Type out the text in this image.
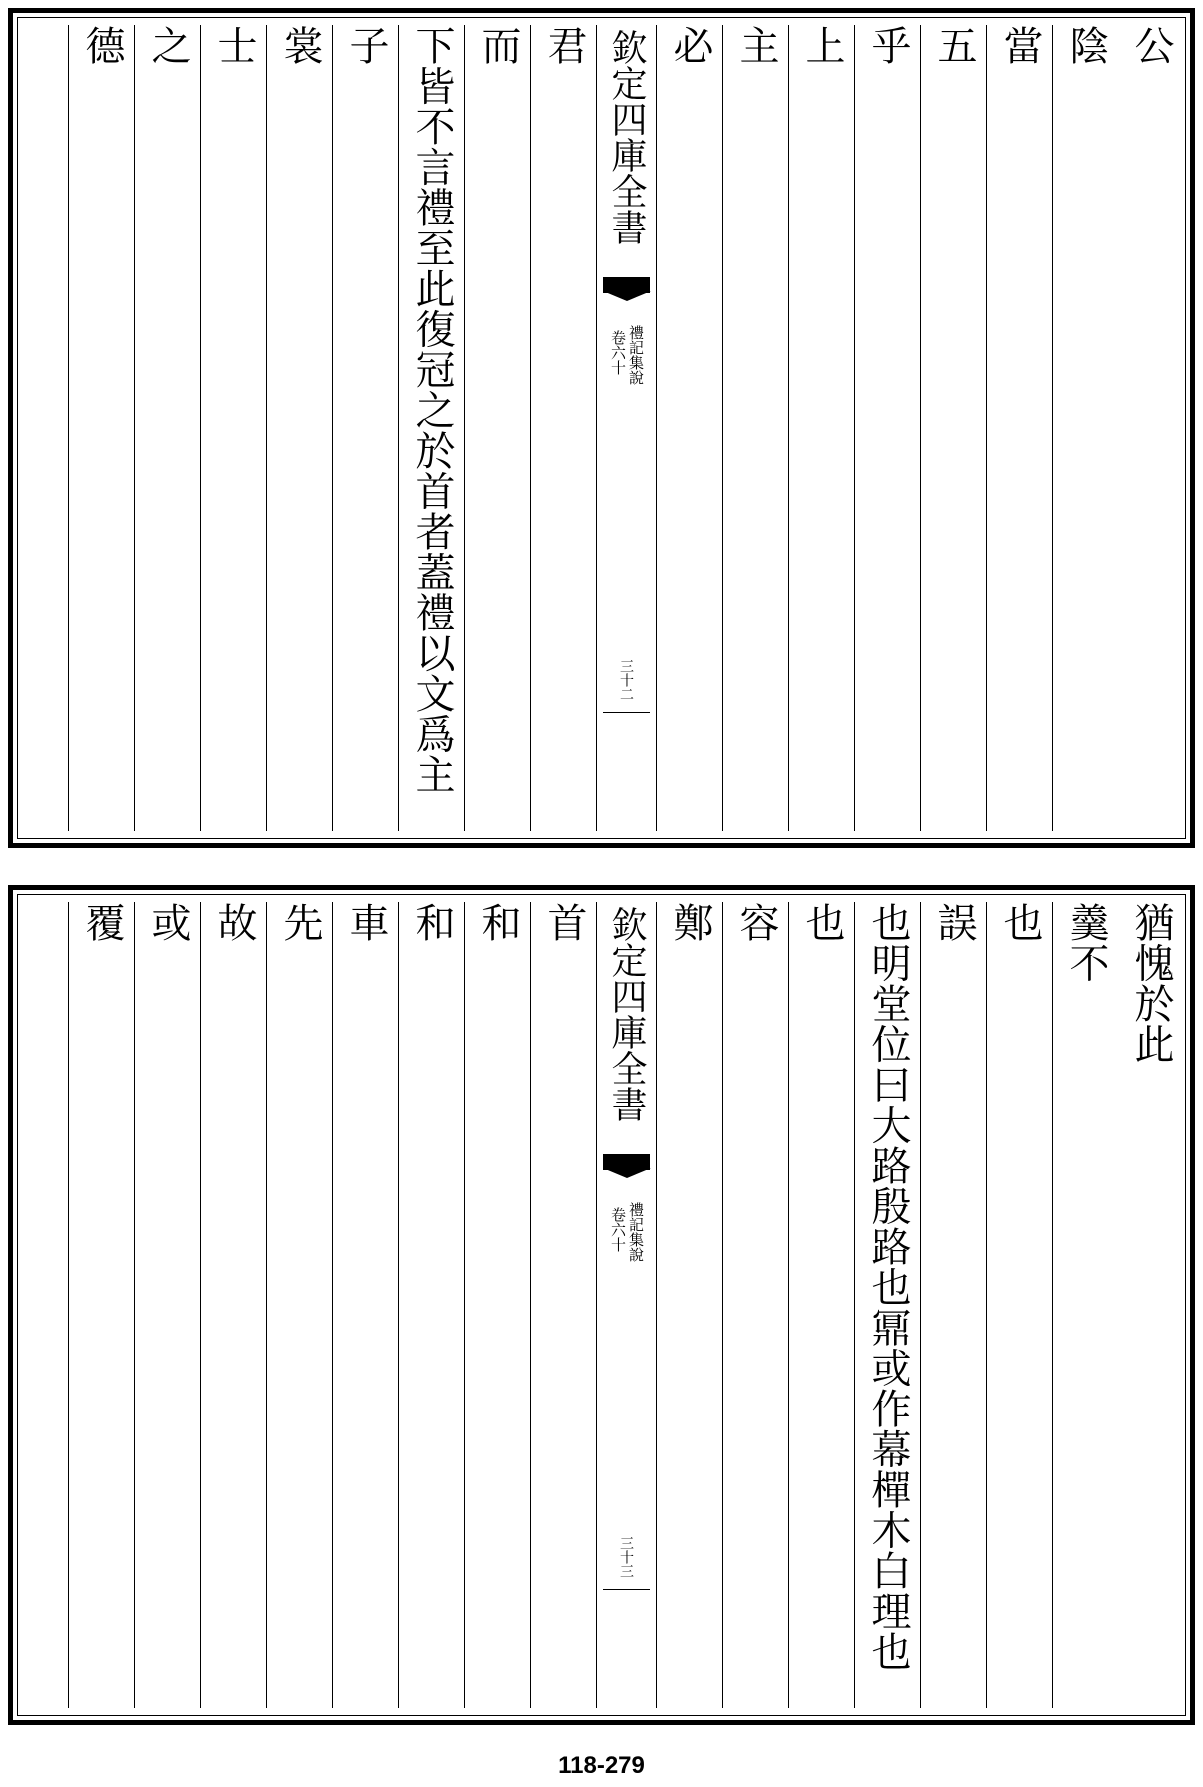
公
陰
當
五
乎
上
主
必
欽定四庫全書
禮記集說
卷六十
三十二
君
而
下皆不言禮至此復冠之於首者蓋禮以文爲主
子
裳
士
之
德
猶愧於此
羹不
也
誤
也明堂位曰大路殷路也鼏或作幕樿木白理也
也
容
鄭
欽定四庫全書
禮記集說
卷六十
三十三
首
和
和
車
先
故
或
覆
118-279
